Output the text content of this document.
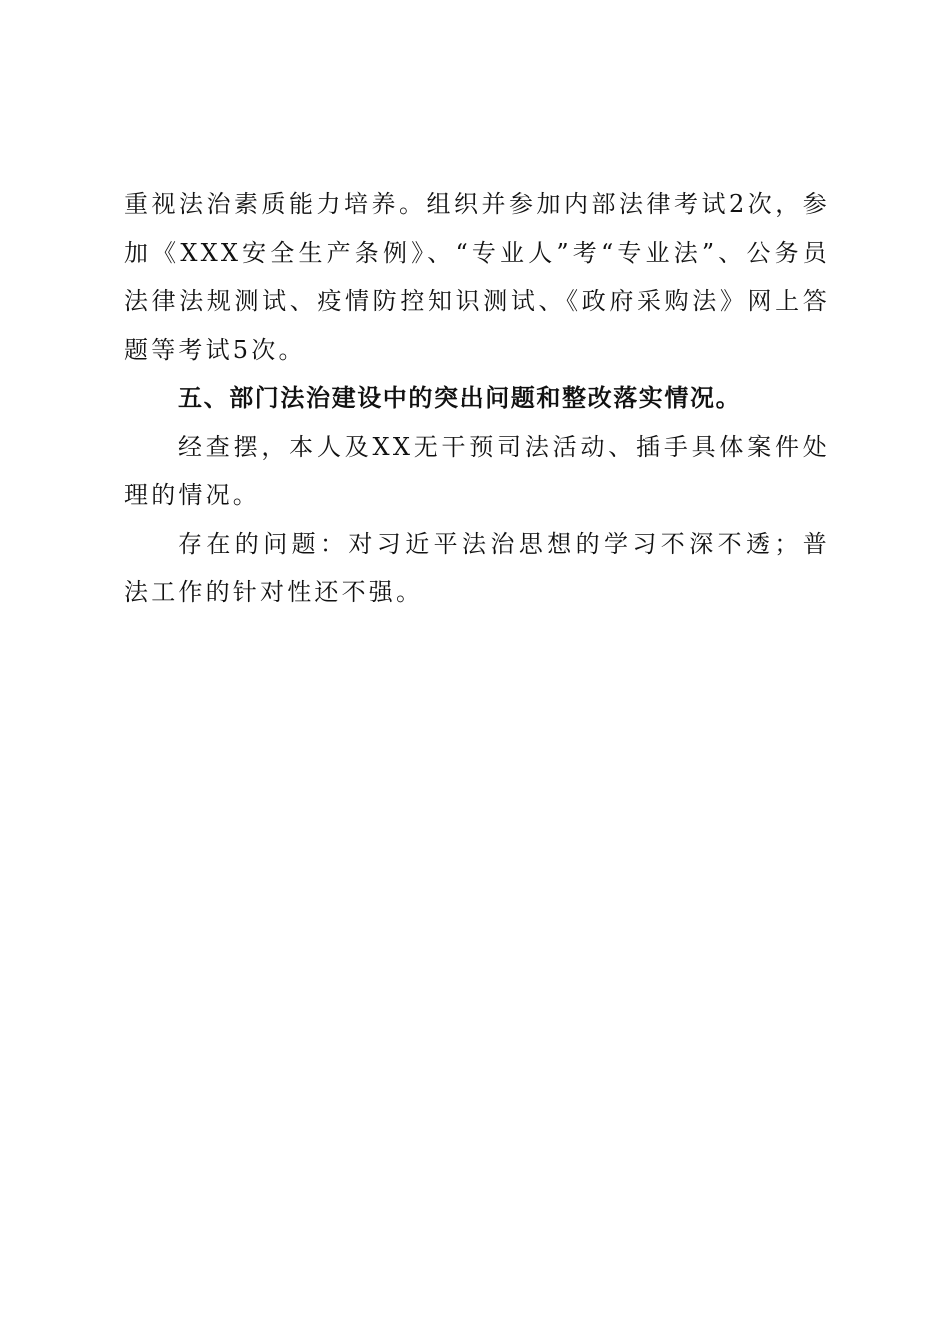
重视法治素质能力培养。组织并参加内部法律考试2次，参加《XXX安全生产条例》、“专业人”考“专业法”、公务员法律法规测试、疫情防控知识测试、《政府采购法》网上答题等考试5次。

五、部门法治建设中的突出问题和整改落实情况。

经查摆，本人及XX无干预司法活动、插手具体案件处理的情况。

存在的问题：对习近平法治思想的学习不深不透；普法工作的针对性还不强。
